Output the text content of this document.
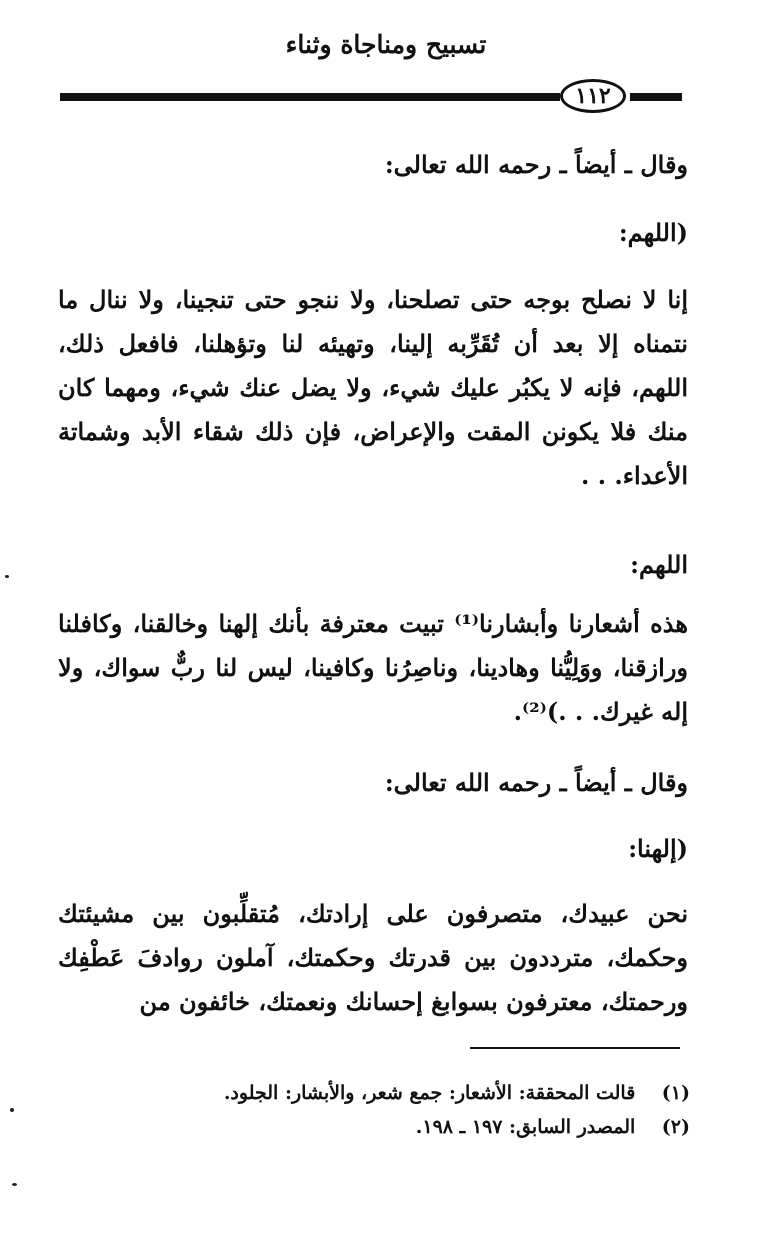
تسبيح ومناجاة وثناء
١١٢
وقال ـ أيضاً ـ رحمه الله تعالى:
(اللهم:
إنا لا نصلح بوجه حتى تصلحنا، ولا ننجو حتى تنجينا، ولا ننال ما نتمناه إلا بعد أن تُقَرِّبه إلينا، وتهيئه لنا وتؤهلنا، فافعل ذلك، اللهم، فإنه لا يكبُر عليك شيء، ولا يضل عنك شيء، ومهما كان منك فلا يكونن المقت والإعراض، فإن ذلك شقاء الأبد وشماتة الأعداء. . .
اللهم:
هذه أشعارنا وأبشارنا⁽¹⁾ تبيت معترفة بأنك إلهنا وخالقنا، وكافلنا ورازقنا، ووَلِيُّنا وهادينا، وناصِرُنا وكافينا، ليس لنا ربٌّ سواك، ولا إله غيرك. . .)⁽²⁾.
وقال ـ أيضاً ـ رحمه الله تعالى:
(إلهنا:
نحن عبيدك، متصرفون على إرادتك، مُتقلِّبون بين مشيئتك وحكمك، مترددون بين قدرتك وحكمتك، آملون روادفَ عَطْفِك ورحمتك، معترفون بسوابغ إحسانك ونعمتك، خائفون من
(١)    قالت المحققة: الأشعار: جمع شعر، والأبشار: الجلود.
(٢)    المصدر السابق: ١٩٧ ـ ١٩٨.
